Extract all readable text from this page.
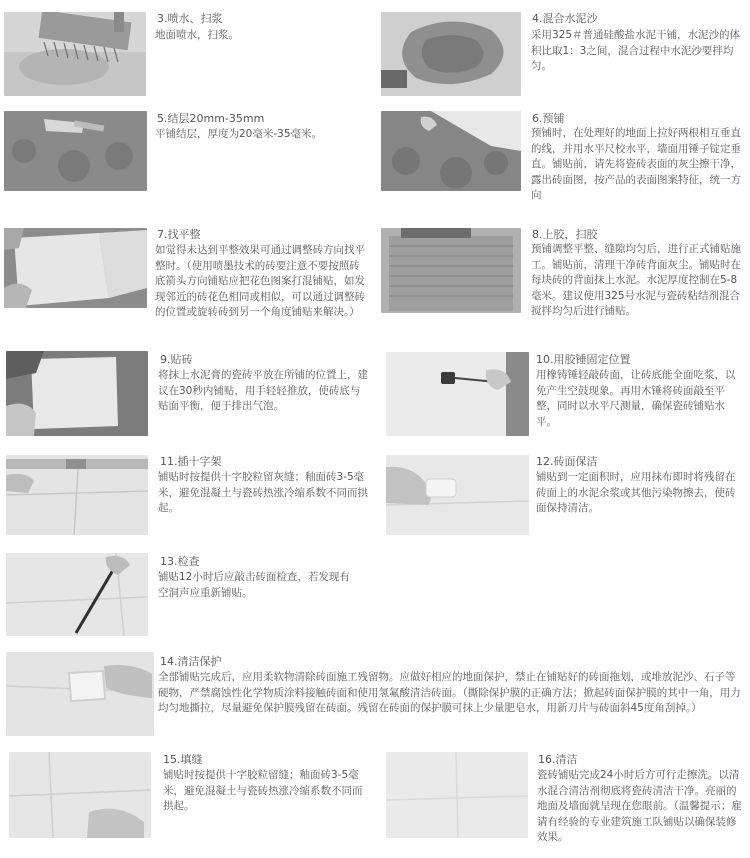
3.喷水、扫浆
地面喷水，扫浆。
4.混合水泥沙
采用325＃普通硅酸盐水泥干铺，水泥沙的体积比取1：3之间，混合过程中水泥沙要拌均匀。
5.结层20mm-35mm
平铺结层，厚度为20毫米-35毫米。
6.预铺
预铺时，在处理好的地面上拉好两根相互垂直的线，并用水平尺校水平，墙面用锤子锭定垂直。铺贴前，请先将瓷砖表面的灰尘擦干净，露出砖面图，按产品的表面图案特征，统一方向
7.找平整
如觉得未达到平整效果可通过调整砖方向找平整时。（使用喷墨技术的砖要注意不要按照砖底箭头方向铺贴应把花色图案打混铺贴，如发现邻近的砖花色相同或相似，可以通过调整砖的位置或旋转砖到另一个角度铺贴来解决。）
8.上胶，扫胶
预铺调整平整、缝隙均匀后，进行正式铺贴施工。铺贴前，清理干净砖背面灰尘。铺贴时在每块砖的背面抹上水泥。水泥厚度控制在5-8毫米。建议使用325号水泥与瓷砖粘结剂混合搅拌均匀后进行铺贴。
9.贴砖
将抹上水泥膏的瓷砖平放在所铺的位置上，建议在30秒内铺贴，用手轻轻推放，使砖底与贴面平衡，便于排出气泡。
10.用胶锤固定位置
用橡铸锤轻敲砖面，让砖底能全面吃浆，以免产生空鼓现象。再用木锤将砖面敲至平整，同时以水平尺测量，确保瓷砖铺贴水平。
11.插十字架
铺贴时按提供十字胶粒留灰缝；釉面砖3-5毫米，避免混凝土与瓷砖热涨冷缩系数不同而拱起。
12.砖面保洁
铺贴到一定面积时，应用抹布即时将残留在砖面上的水泥余浆或其他污染物擦去，使砖面保持清洁。
13.检查
铺贴12小时后应敲击砖面检查，若发现有空洞声应重新铺贴。
14.清洁保护
全部铺贴完成后，应用柔软物清除砖面施工残留物。应做好相应的地面保护，禁止在铺贴好的砖面拖划，或堆放泥沙、石子等硬物，严禁腐蚀性化学物质涂料接触砖面和使用氢氟酸清洁砖面。（撕除保护膜的正确方法；掀起砖面保护膜的其中一角，用力均匀地撕拉，尽量避免保护膜残留在砖面。残留在砖面的保护膜可抹上少量肥皂水，用新刀片与砖面斜45度角刮掉。）
15.填缝
铺贴时按提供十字胶粒留缝；釉面砖3-5毫米，避免混凝土与瓷砖热涨冷缩系数不同而拱起。
16.清洁
瓷砖铺贴完成24小时后方可行走擦洗。以清水混合清洁剂彻底将瓷砖清洁干净。亮丽的地面及墙面就呈现在您眼前。（温馨提示；雇请有经验的专业建筑施工队铺贴以确保装修效果。
